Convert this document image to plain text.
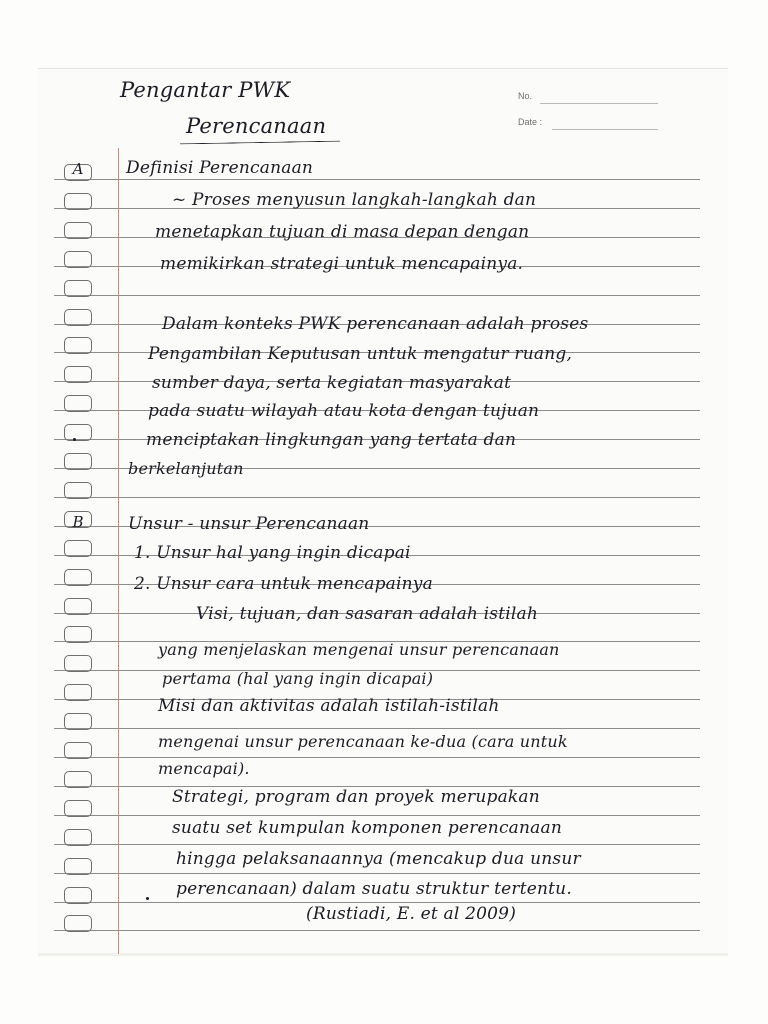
No.
Date :
Pengantar PWK
Perencanaan
A	Definisi Perencanaan
~ Proses menyusun langkah-langkah dan
menetapkan tujuan di masa depan dengan
memikirkan strategi untuk mencapainya.
Dalam konteks PWK perencanaan adalah proses
Pengambilan Keputusan untuk mengatur ruang,
sumber daya, serta kegiatan masyarakat
pada suatu wilayah atau kota dengan tujuan
menciptakan lingkungan yang tertata dan
berkelanjutan
B	Unsur - unsur Perencanaan
1. Unsur hal yang ingin dicapai
2. Unsur cara untuk mencapainya
Visi, tujuan, dan sasaran adalah istilah
yang menjelaskan mengenai unsur perencanaan
pertama (hal yang ingin dicapai)
Misi dan aktivitas adalah istilah-istilah
mengenai unsur perencanaan ke-dua (cara untuk
mencapai).
Strategi, program dan proyek merupakan
suatu set kumpulan komponen perencanaan
hingga pelaksanaannya (mencakup dua unsur
perencanaan) dalam suatu struktur tertentu.
(Rustiadi, E. et al 2009)
